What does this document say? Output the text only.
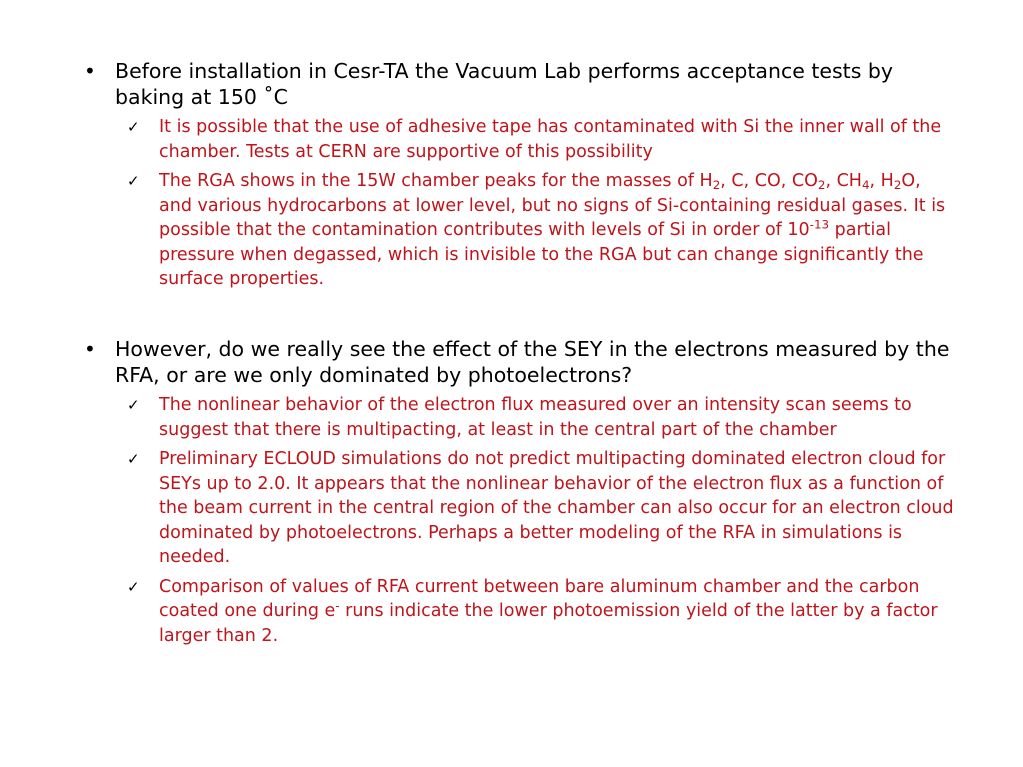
• Before installation in Cesr-TA the Vacuum Lab performs acceptance tests by baking at 150 ˚C
✓ It is possible that the use of adhesive tape has contaminated with Si the inner wall of the chamber. Tests at CERN are supportive of this possibility
✓ The RGA shows in the 15W chamber peaks for the masses of $H_2$, C, CO, $CO_2$, $CH_4$, $H_2O$, and various hydrocarbons at lower level, but no signs of Si-containing residual gases. It is possible that the contamination contributes with levels of Si in order of $10^{-13}$ partial pressure when degassed, which is invisible to the RGA but can change significantly the surface properties.
• However, do we really see the effect of the SEY in the electrons measured by the RFA, or are we only dominated by photoelectrons?
✓ The nonlinear behavior of the electron flux measured over an intensity scan seems to suggest that there is multipacting, at least in the central part of the chamber
✓ Preliminary ECLOUD simulations do not predict multipacting dominated electron cloud for SEYs up to 2.0. It appears that the nonlinear behavior of the electron flux as a function of the beam current in the central region of the chamber can also occur for an electron cloud dominated by photoelectrons. Perhaps a better modeling of the RFA in simulations is needed.
✓ Comparison of values of RFA current between bare aluminum chamber and the carbon coated one during e- runs indicate the lower photoemission yield of the latter by a factor larger than 2.
